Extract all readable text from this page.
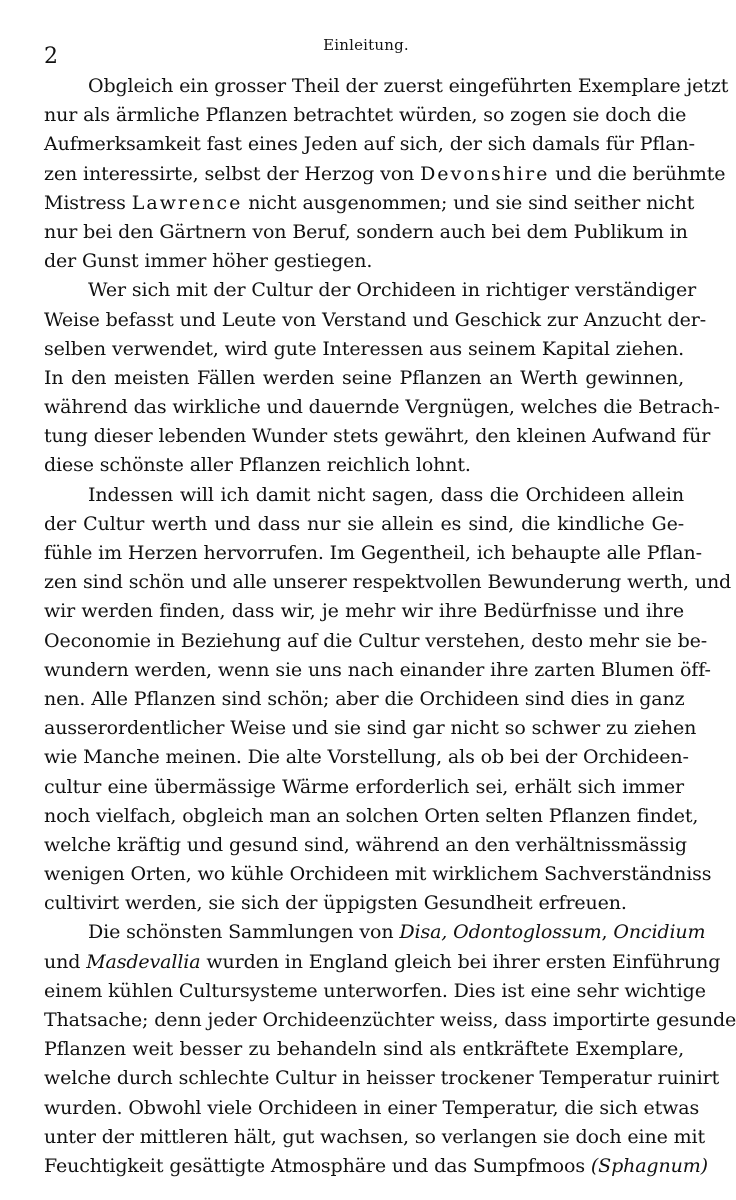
2	Einleitung.
Obgleich ein grosser Theil der zuerst eingeführten Exemplare jetzt
nur als ärmliche Pflanzen betrachtet würden, so zogen sie doch die
Aufmerksamkeit fast eines Jeden auf sich, der sich damals für Pflan-
zen interessirte, selbst der Herzog von Devonshire und die berühmte
Mistress Lawrence nicht ausgenommen; und sie sind seither nicht
nur bei den Gärtnern von Beruf, sondern auch bei dem Publikum in
der Gunst immer höher gestiegen.
Wer sich mit der Cultur der Orchideen in richtiger verständiger
Weise befasst und Leute von Verstand und Geschick zur Anzucht der-
selben verwendet, wird gute Interessen aus seinem Kapital ziehen.
In den meisten Fällen werden seine Pflanzen an Werth gewinnen,
während das wirkliche und dauernde Vergnügen, welches die Betrach-
tung dieser lebenden Wunder stets gewährt, den kleinen Aufwand für
diese schönste aller Pflanzen reichlich lohnt.
Indessen will ich damit nicht sagen, dass die Orchideen allein
der Cultur werth und dass nur sie allein es sind, die kindliche Ge-
fühle im Herzen hervorrufen. Im Gegentheil, ich behaupte alle Pflan-
zen sind schön und alle unserer respektvollen Bewunderung werth, und
wir werden finden, dass wir, je mehr wir ihre Bedürfnisse und ihre
Oeconomie in Beziehung auf die Cultur verstehen, desto mehr sie be-
wundern werden, wenn sie uns nach einander ihre zarten Blumen öff-
nen. Alle Pflanzen sind schön; aber die Orchideen sind dies in ganz
ausserordentlicher Weise und sie sind gar nicht so schwer zu ziehen
wie Manche meinen. Die alte Vorstellung, als ob bei der Orchideen-
cultur eine übermässige Wärme erforderlich sei, erhält sich immer
noch vielfach, obgleich man an solchen Orten selten Pflanzen findet,
welche kräftig und gesund sind, während an den verhältnissmässig
wenigen Orten, wo kühle Orchideen mit wirklichem Sachverständniss
cultivirt werden, sie sich der üppigsten Gesundheit erfreuen.
Die schönsten Sammlungen von Disa, Odontoglossum, Oncidium
und Masdevallia wurden in England gleich bei ihrer ersten Einführung
einem kühlen Cultursysteme unterworfen. Dies ist eine sehr wichtige
Thatsache; denn jeder Orchideenzüchter weiss, dass importirte gesunde
Pflanzen weit besser zu behandeln sind als entkräftete Exemplare,
welche durch schlechte Cultur in heisser trockener Temperatur ruinirt
wurden. Obwohl viele Orchideen in einer Temperatur, die sich etwas
unter der mittleren hält, gut wachsen, so verlangen sie doch eine mit
Feuchtigkeit gesättigte Atmosphäre und das Sumpfmoos (Sphagnum)
